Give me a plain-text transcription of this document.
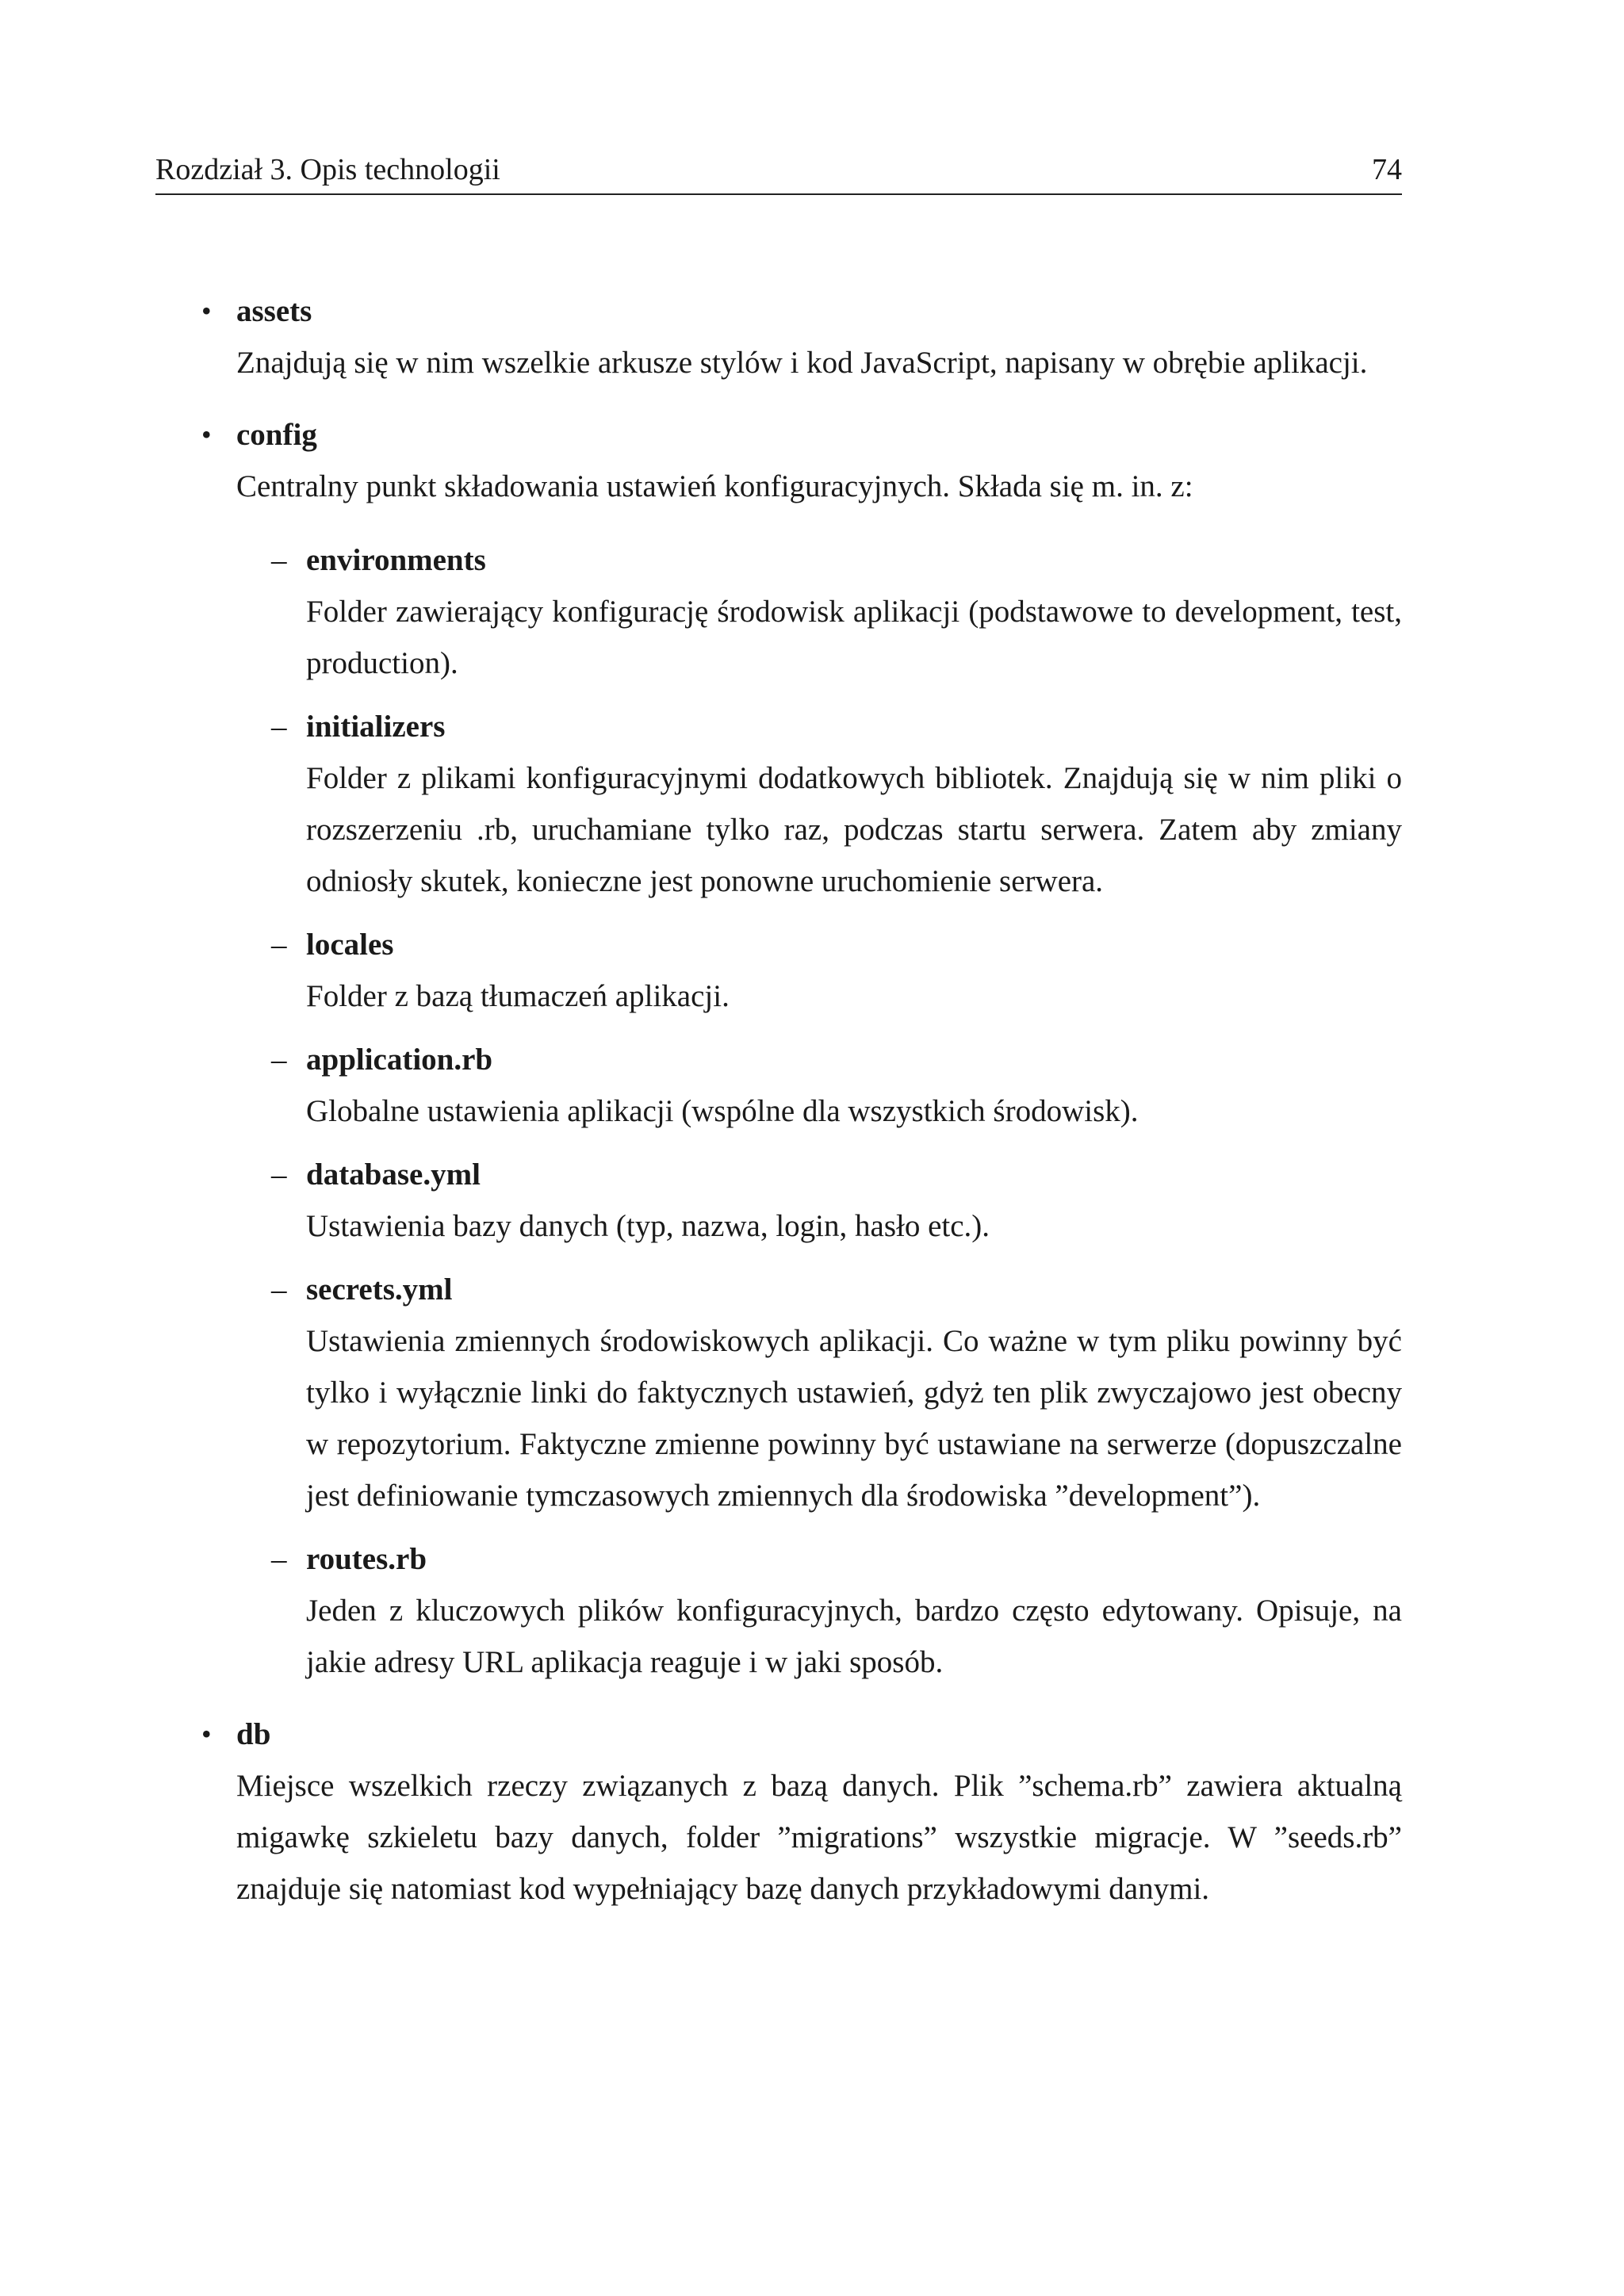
Rozdział 3. Opis technologii	74
• assets
Znajdują się w nim wszelkie arkusze stylów i kod JavaScript, napisany w obrębie aplikacji.
• config
Centralny punkt składowania ustawień konfiguracyjnych. Składa się m. in. z:
– environments
Folder zawierający konfigurację środowisk aplikacji (podstawowe to development, test, production).
– initializers
Folder z plikami konfiguracyjnymi dodatkowych bibliotek. Znajdują się w nim pliki o rozszerzeniu .rb, uruchamiane tylko raz, podczas startu serwera. Zatem aby zmiany odniosły skutek, konieczne jest ponowne uruchomienie serwera.
– locales
Folder z bazą tłumaczeń aplikacji.
– application.rb
Globalne ustawienia aplikacji (wspólne dla wszystkich środowisk).
– database.yml
Ustawienia bazy danych (typ, nazwa, login, hasło etc.).
– secrets.yml
Ustawienia zmiennych środowiskowych aplikacji. Co ważne w tym pliku powinny być tylko i wyłącznie linki do faktycznych ustawień, gdyż ten plik zwyczajowo jest obecny w repozytorium. Faktyczne zmienne powinny być ustawiane na serwerze (dopuszczalne jest definiowanie tymczasowych zmiennych dla środowiska ”development”).
– routes.rb
Jeden z kluczowych plików konfiguracyjnych, bardzo często edytowany. Opisuje, na jakie adresy URL aplikacja reaguje i w jaki sposób.
• db
Miejsce wszelkich rzeczy związanych z bazą danych. Plik ”schema.rb” zawiera aktualną migawkę szkieletu bazy danych, folder ”migrations” wszystkie migracje. W ”seeds.rb” znajduje się natomiast kod wypełniający bazę danych przykładowymi danymi.
